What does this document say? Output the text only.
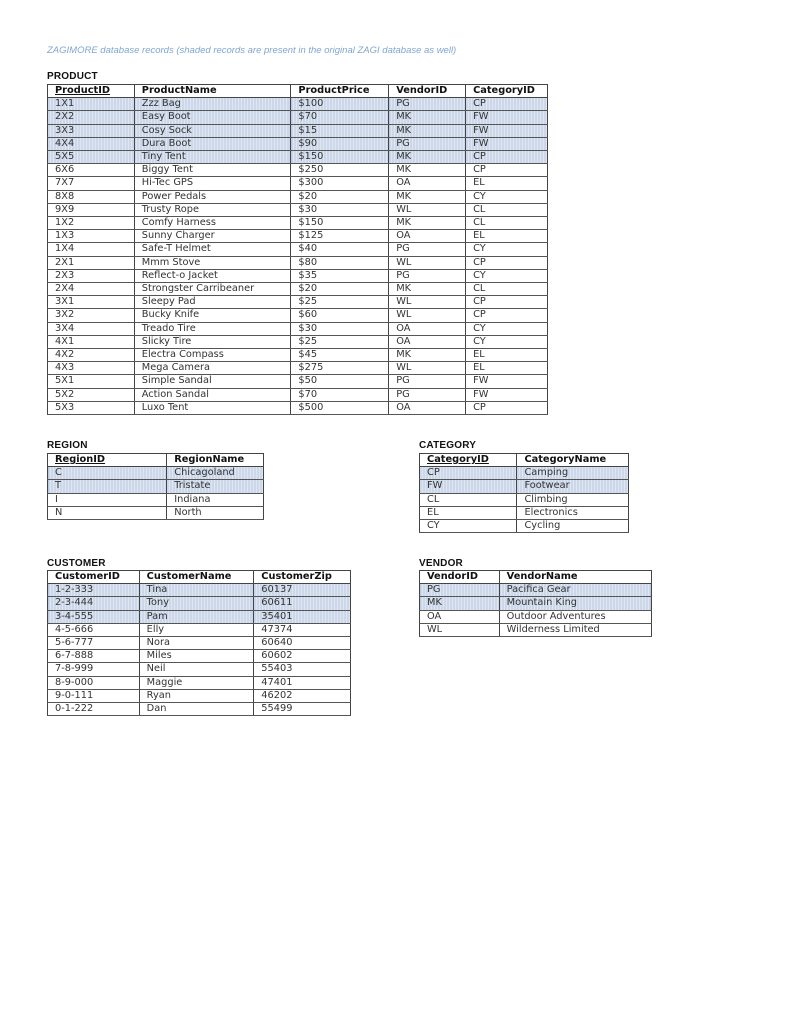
ZAGIMORE database records (shaded records are present in the original ZAGI database as well)
PRODUCT
ProductID	ProductName	ProductPrice	VendorID	CategoryID
1X1	Zzz Bag	$100	PG	CP
2X2	Easy Boot	$70	MK	FW
3X3	Cosy Sock	$15	MK	FW
4X4	Dura Boot	$90	PG	FW
5X5	Tiny Tent	$150	MK	CP
6X6	Biggy Tent	$250	MK	CP
7X7	Hi-Tec GPS	$300	OA	EL
8X8	Power Pedals	$20	MK	CY
9X9	Trusty Rope	$30	WL	CL
1X2	Comfy Harness	$150	MK	CL
1X3	Sunny Charger	$125	OA	EL
1X4	Safe-T Helmet	$40	PG	CY
2X1	Mmm Stove	$80	WL	CP
2X3	Reflect-o Jacket	$35	PG	CY
2X4	Strongster Carribeaner	$20	MK	CL
3X1	Sleepy Pad	$25	WL	CP
3X2	Bucky Knife	$60	WL	CP
3X4	Treado Tire	$30	OA	CY
4X1	Slicky Tire	$25	OA	CY
4X2	Electra Compass	$45	MK	EL
4X3	Mega Camera	$275	WL	EL
5X1	Simple Sandal	$50	PG	FW
5X2	Action Sandal	$70	PG	FW
5X3	Luxo Tent	$500	OA	CP
REGION
RegionID	RegionName
C	Chicagoland
T	Tristate
I	Indiana
N	North
CATEGORY
CategoryID	CategoryName
CP	Camping
FW	Footwear
CL	Climbing
EL	Electronics
CY	Cycling
CUSTOMER
CustomerID	CustomerName	CustomerZip
1-2-333	Tina	60137
2-3-444	Tony	60611
3-4-555	Pam	35401
4-5-666	Elly	47374
5-6-777	Nora	60640
6-7-888	Miles	60602
7-8-999	Neil	55403
8-9-000	Maggie	47401
9-0-111	Ryan	46202
0-1-222	Dan	55499
VENDOR
VendorID	VendorName
PG	Pacifica Gear
MK	Mountain King
OA	Outdoor Adventures
WL	Wilderness Limited
